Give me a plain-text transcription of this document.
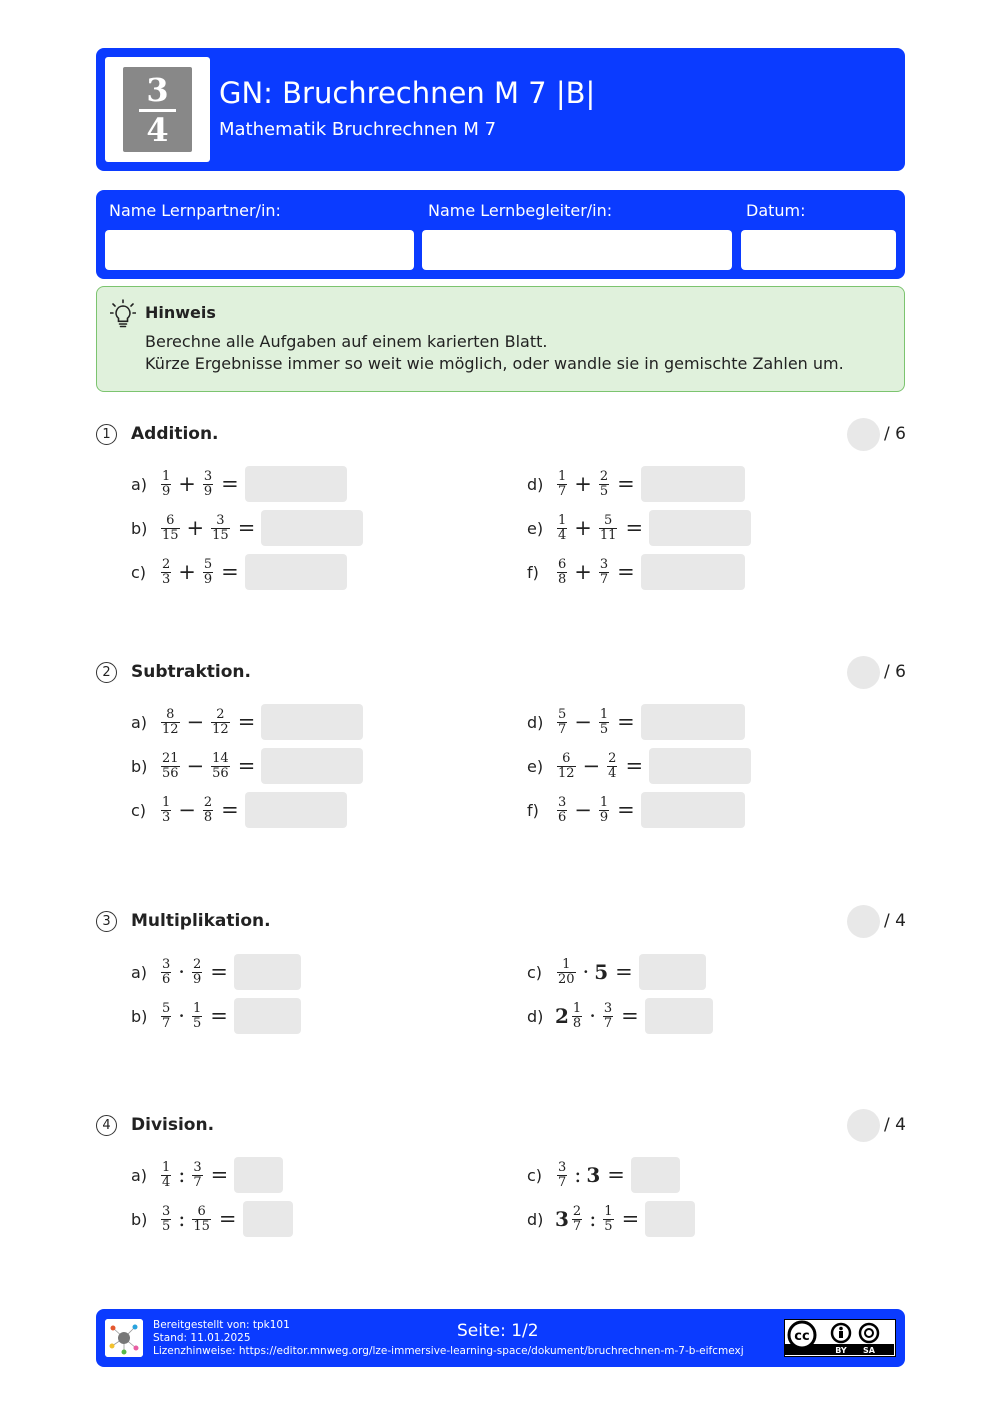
3
4
GN: Bruchrechnen M 7 |B|
Mathematik Bruchrechnen M 7
Name Lernpartner/in:	Name Lernbegleiter/in:	Datum:
Hinweis
Berechne alle Aufgaben auf einem karierten Blatt.
Kürze Ergebnisse immer so weit wie möglich, oder wandle sie in gemischte Zahlen um.
1	Addition.	/ 6
2	Subtraktion.	/ 6
3	Multiplikation.	/ 4
4	Division.	/ 4
a)	$\frac{1}{9} + \frac{3}{9}$ =
b)	$\frac{6}{15} + \frac{3}{15}$ =
c)	$\frac{2}{3} + \frac{5}{9}$ =
d)	$\frac{1}{7} + \frac{2}{5}$ =
e)	$\frac{1}{4} + \frac{5}{11}$ =
f)	$\frac{6}{8} + \frac{3}{7}$ =
a)	$\frac{8}{12} - \frac{2}{12}$ =
b)	$\frac{21}{56} - \frac{14}{56}$ =
c)	$\frac{1}{3} - \frac{2}{8}$ =
d)	$\frac{5}{7} - \frac{1}{5}$ =
e)	$\frac{6}{12} - \frac{2}{4}$ =
f)	$\frac{3}{6} - \frac{1}{9}$ =
a)	$\frac{3}{6} \cdot \frac{2}{9}$ =
b)	$\frac{5}{7} \cdot \frac{1}{5}$ =
c)	$\frac{1}{20} \cdot 5$ =
d) $2 \frac{1}{8} \cdot \frac{3}{7}$ =
a)	$\frac{1}{4}$ : $\frac{3}{7}$ =
b)	$\frac{3}{5}$ : $\frac{6}{15}$ =
c)	$\frac{3}{7}$ : 3 =
d) $3 \frac{2}{7}$ : $\frac{1}{5}$ =
Bereitgestellt von: tpk101
Stand: 11.01.2025
Lizenzhinweise: https://editor.mnweg.org/lze-immersive-learning-space/dokument/bruchrechnen-m-7-b-eifcmexj
Seite: 1/2	cc
BY SA
